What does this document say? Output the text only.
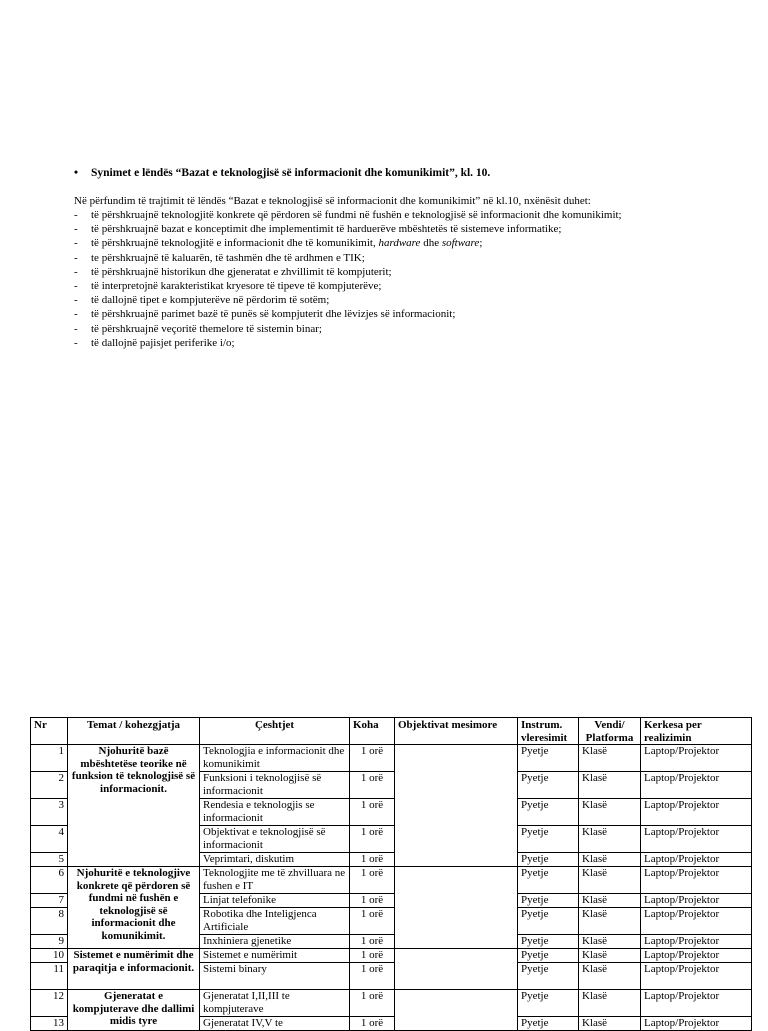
• Synimet e lëndës “Bazat e teknologjisë së informacionit dhe komunikimit”, kl. 10.
Në përfundim të trajtimit të lëndës “Bazat e teknologjisë së informacionit dhe komunikimit” në kl.10, nxënësit duhet:
- të përshkruajnë teknologjitë konkrete që përdoren së fundmi në fushën e teknologjisë së informacionit dhe komunikimit;
- të përshkruajnë bazat e konceptimit dhe implementimit të harduerëve mbështetës të sistemeve informatike;
- të përshkruajnë teknologjitë e informacionit dhe të komunikimit, hardware dhe software;
- te përshkruajnë të kaluarën, të tashmën dhe të ardhmen e TIK;
- të përshkruajnë historikun dhe gjeneratat e zhvillimit të kompjuterit;
- të interpretojnë karakteristikat kryesore të tipeve të kompjuterëve;
- të dallojnë tipet e kompjuterëve në përdorim të sotëm;
- të përshkruajnë parimet bazë të punës së kompjuterit dhe lëvizjes së informacionit;
- të përshkruajnë veçoritë themelore të sistemin binar;
- të dallojnë pajisjet periferike i/o;
Nr	Temat / kohezgjatja	Çeshtjet	Koha	Objektivat mesimore	Instrum. vleresimit	Vendi/ Platforma	Kerkesa per realizimin
1	Njohuritë bazë mbështetëse teorike në funksion të teknologjisë së informacionit.	Teknologjia e informacionit dhe komunikimit	1 orë		Pyetje	Klasë	Laptop/Projektor
2		Funksioni i teknologjisë së informacionit	1 orë		Pyetje	Klasë	Laptop/Projektor
3		Rendesia e teknologjis se informacionit	1 orë		Pyetje	Klasë	Laptop/Projektor
4		Objektivat e teknologjisë së informacionit	1 orë		Pyetje	Klasë	Laptop/Projektor
5		Veprimtari, diskutim	1 orë		Pyetje	Klasë	Laptop/Projektor
6	Njohuritë e teknologjive konkrete që përdoren së fundmi në fushën e teknologjisë së informacionit dhe komunikimit.	Teknologjite me të zhvilluara ne fushen e IT	1 orë		Pyetje	Klasë	Laptop/Projektor
7		Linjat telefonike	1 orë		Pyetje	Klasë	Laptop/Projektor
8		Robotika dhe Inteligjenca Artificiale	1 orë		Pyetje	Klasë	Laptop/Projektor
9		Inxhiniera gjenetike	1 orë		Pyetje	Klasë	Laptop/Projektor
10	Sistemet e numërimit dhe paraqitja e informacionit.	Sistemet e numërimit	1 orë		Pyetje	Klasë	Laptop/Projektor
11		Sistemi binary	1 orë		Pyetje	Klasë	Laptop/Projektor
12	Gjeneratat e kompjuterave dhe dallimi midis tyre	Gjeneratat I,II,III te kompjuterave	1 orë		Pyetje	Klasë	Laptop/Projektor
13		Gjeneratat IV,V te	1 orë		Pyetje	Klasë	Laptop/Projektor
